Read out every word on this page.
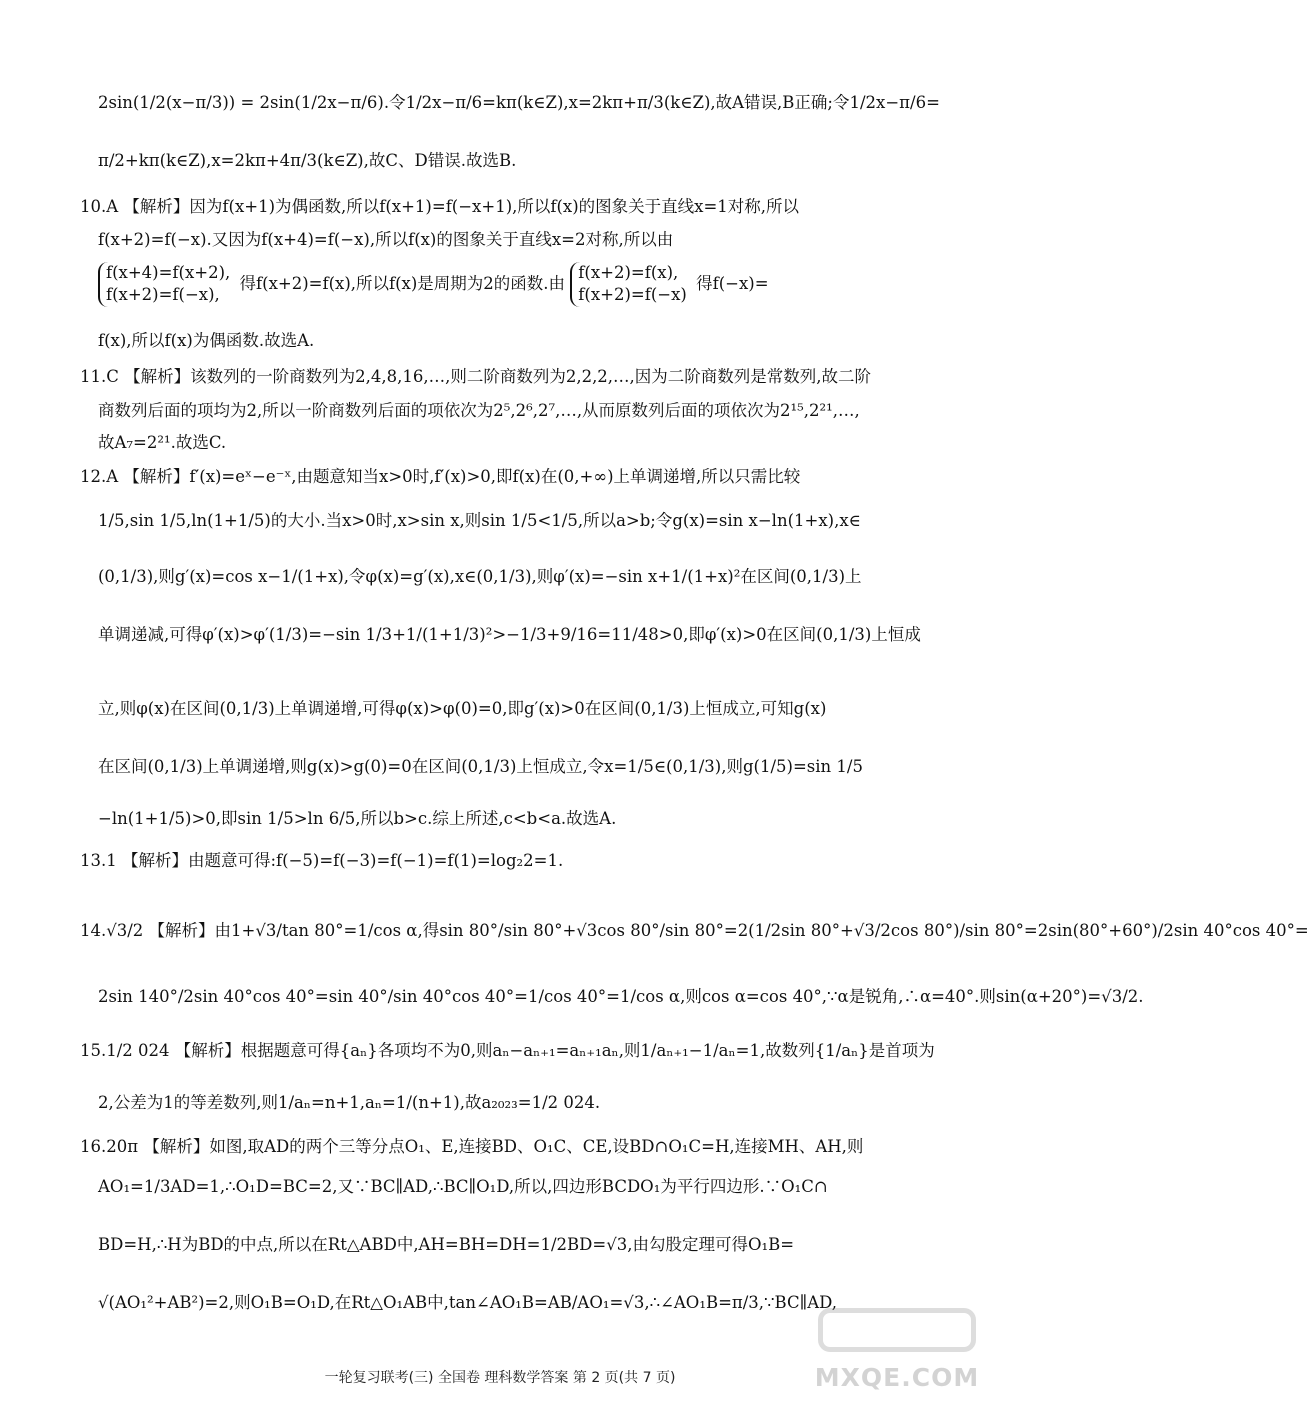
2sin(1/2(x−π/3)) = 2sin(1/2x−π/6).令1/2x−π/6=kπ(k∈Z),x=2kπ+π/3(k∈Z),故A错误,B正确;令1/2x−π/6=
π/2+kπ(k∈Z),x=2kπ+4π/3(k∈Z),故C、D错误.故选B.
10.A 【解析】因为f(x+1)为偶函数,所以f(x+1)=f(−x+1),所以f(x)的图象关于直线x=1对称,所以
f(x+2)=f(−x).又因为f(x+4)=f(−x),所以f(x)的图象关于直线x=2对称,所以由
f(x+4)=f(x+2),
f(x+2)=f(−x), 得f(x+2)=f(x),所以f(x)是周期为2的函数.由 f(x+2)=f(x),
f(x+2)=f(−x) 得f(−x)=
f(x),所以f(x)为偶函数.故选A.
11.C 【解析】该数列的一阶商数列为2,4,8,16,…,则二阶商数列为2,2,2,…,因为二阶商数列是常数列,故二阶
商数列后面的项均为2,所以一阶商数列后面的项依次为2⁵,2⁶,2⁷,…,从而原数列后面的项依次为2¹⁵,2²¹,…,
故A₇=2²¹.故选C.
12.A 【解析】f′(x)=eˣ−e⁻ˣ,由题意知当x>0时,f′(x)>0,即f(x)在(0,+∞)上单调递增,所以只需比较
1/5,sin 1/5,ln(1+1/5)的大小.当x>0时,x>sin x,则sin 1/5<1/5,所以a>b;令g(x)=sin x−ln(1+x),x∈
(0,1/3),则g′(x)=cos x−1/(1+x),令φ(x)=g′(x),x∈(0,1/3),则φ′(x)=−sin x+1/(1+x)²在区间(0,1/3)上
单调递减,可得φ′(x)>φ′(1/3)=−sin 1/3+1/(1+1/3)²>−1/3+9/16=11/48>0,即φ′(x)>0在区间(0,1/3)上恒成
立,则φ(x)在区间(0,1/3)上单调递增,可得φ(x)>φ(0)=0,即g′(x)>0在区间(0,1/3)上恒成立,可知g(x)
在区间(0,1/3)上单调递增,则g(x)>g(0)=0在区间(0,1/3)上恒成立,令x=1/5∈(0,1/3),则g(1/5)=sin 1/5
−ln(1+1/5)>0,即sin 1/5>ln 6/5,所以b>c.综上所述,c<b<a.故选A.
13.1 【解析】由题意可得:f(−5)=f(−3)=f(−1)=f(1)=log₂2=1.
14.√3/2 【解析】由1+√3/tan 80°=1/cos α,得sin 80°/sin 80°+√3cos 80°/sin 80°=2(1/2sin 80°+√3/2cos 80°)/sin 80°=2sin(80°+60°)/2sin 40°cos 40°=
2sin 140°/2sin 40°cos 40°=sin 40°/sin 40°cos 40°=1/cos 40°=1/cos α,则cos α=cos 40°,∵α是锐角,∴α=40°.则sin(α+20°)=√3/2.
15.1/2 024 【解析】根据题意可得{aₙ}各项均不为0,则aₙ−aₙ₊₁=aₙ₊₁aₙ,则1/aₙ₊₁−1/aₙ=1,故数列{1/aₙ}是首项为
2,公差为1的等差数列,则1/aₙ=n+1,aₙ=1/(n+1),故a₂₀₂₃=1/2 024.
16.20π 【解析】如图,取AD的两个三等分点O₁、E,连接BD、O₁C、CE,设BD∩O₁C=H,连接MH、AH,则
AO₁=1/3AD=1,∴O₁D=BC=2,又∵BC∥AD,∴BC∥O₁D,所以,四边形BCDO₁为平行四边形.∵O₁C∩
BD=H,∴H为BD的中点,所以在Rt△ABD中,AH=BH=DH=1/2BD=√3,由勾股定理可得O₁B=
√(AO₁²+AB²)=2,则O₁B=O₁D,在Rt△O₁AB中,tan∠AO₁B=AB/AO₁=√3,∴∠AO₁B=π/3,∵BC∥AD,
一轮复习联考(三) 全国卷 理科数学答案 第 2 页(共 7 页)	MXQE.COM
